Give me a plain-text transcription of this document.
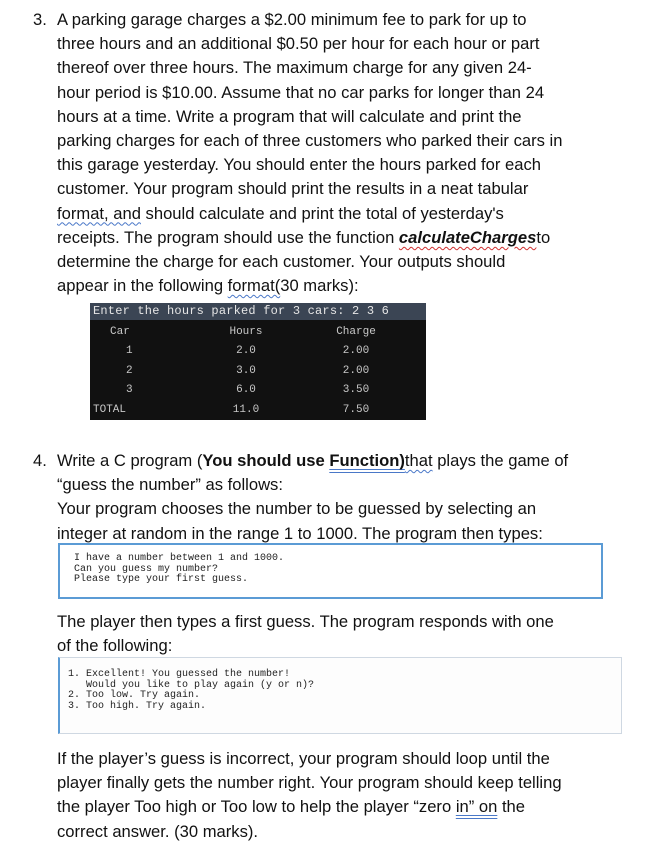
3. A parking garage charges a $2.00 minimum fee to park for up to
three hours and an additional $0.50 per hour for each hour or part
thereof over three hours. The maximum charge for any given 24-
hour period is $10.00. Assume that no car parks for longer than 24
hours at a time. Write a program that will calculate and print the
parking charges for each of three customers who parked their cars in
this garage yesterday. You should enter the hours parked for each
customer. Your program should print the results in a neat tabular
format, and should calculate and print the total of yesterday's
receipts. The program should use the function calculateChargesto
determine the charge for each customer. Your outputs should
appear in the following format(30 marks):
Enter the hours parked for 3 cars: 2 3 6
Car	Hours	Charge
1	2.0	2.00
2	3.0	2.00
3	6.0	3.50
TOTAL	11.0	7.50
4. Write a C program (You should use Function)that plays the game of
“guess the number” as follows:
Your program chooses the number to be guessed by selecting an
integer at random in the range 1 to 1000. The program then types:
I have a number between 1 and 1000.
Can you guess my number?
Please type your first guess.
The player then types a first guess. The program responds with one
of the following:
1. Excellent! You guessed the number!
Would you like to play again (y or n)?
2. Too low. Try again.
3. Too high. Try again.
If the player’s guess is incorrect, your program should loop until the
player finally gets the number right. Your program should keep telling
the player Too high or Too low to help the player “zero in” on the
correct answer. (30 marks).
